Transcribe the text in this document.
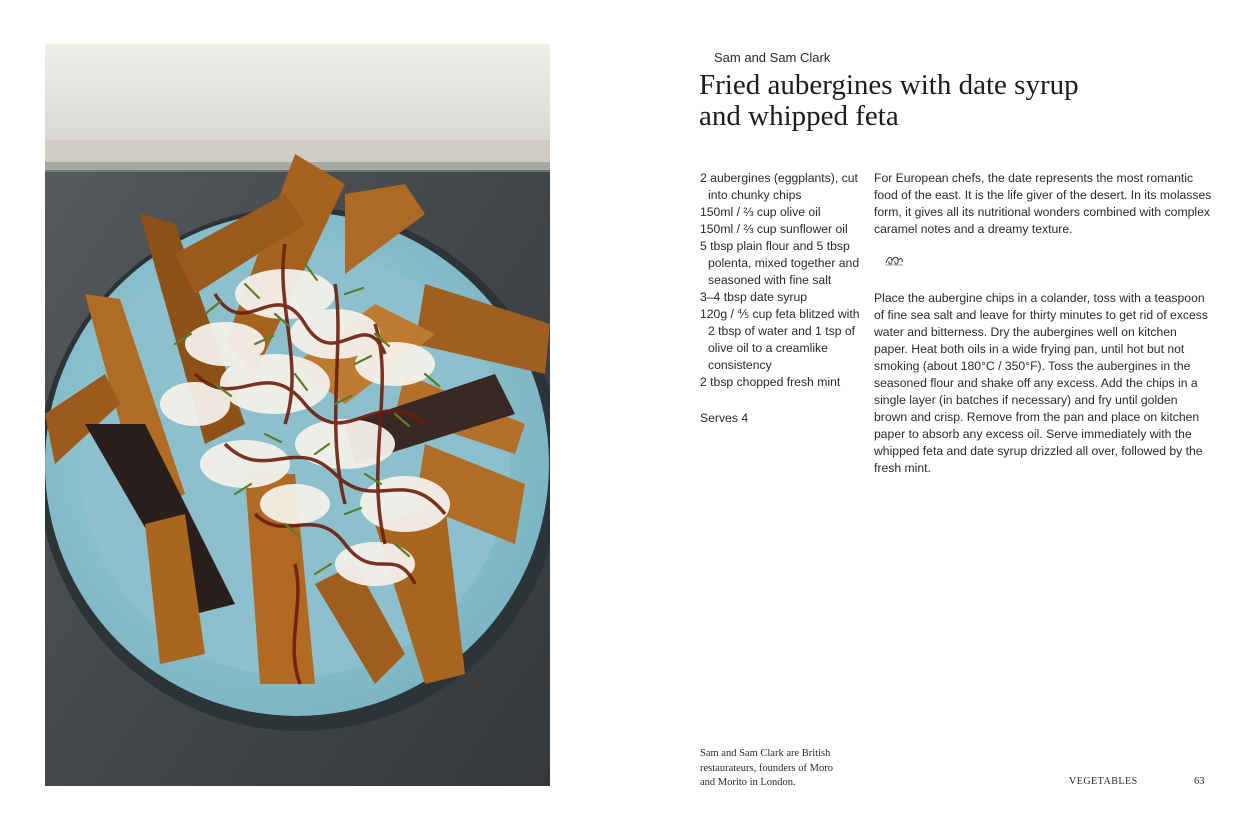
Sam and Sam Clark
Fried aubergines with date syrup
and whipped feta
2 aubergines (eggplants), cut into chunky chips
150ml / ⅔ cup olive oil
150ml / ⅔ cup sunflower oil
5 tbsp plain flour and 5 tbsp polenta, mixed together and seasoned with fine salt
3–4 tbsp date syrup
120g / ⅘ cup feta blitzed with 2 tbsp of water and 1 tsp of olive oil to a creamlike consistency
2 tbsp chopped fresh mint
Serves 4

For European chefs, the date represents the most romantic food of the east. It is the life giver of the desert. In its molasses form, it gives all its nutritional wonders combined with complex caramel notes and a dreamy texture.

Place the aubergine chips in a colander, toss with a teaspoon of fine sea salt and leave for thirty minutes to get rid of excess water and bitterness. Dry the aubergines well on kitchen paper. Heat both oils in a wide frying pan, until hot but not smoking (about 180°C / 350°F). Toss the aubergines in the seasoned flour and shake off any excess. Add the chips in a single layer (in batches if necessary) and fry until golden brown and crisp. Remove from the pan and place on kitchen paper to absorb any excess oil. Serve immediately with the whipped feta and date syrup drizzled all over, followed by the fresh mint.

Sam and Sam Clark are British restaurateurs, founders of Moro and Morito in London.	VEGETABLES	63
